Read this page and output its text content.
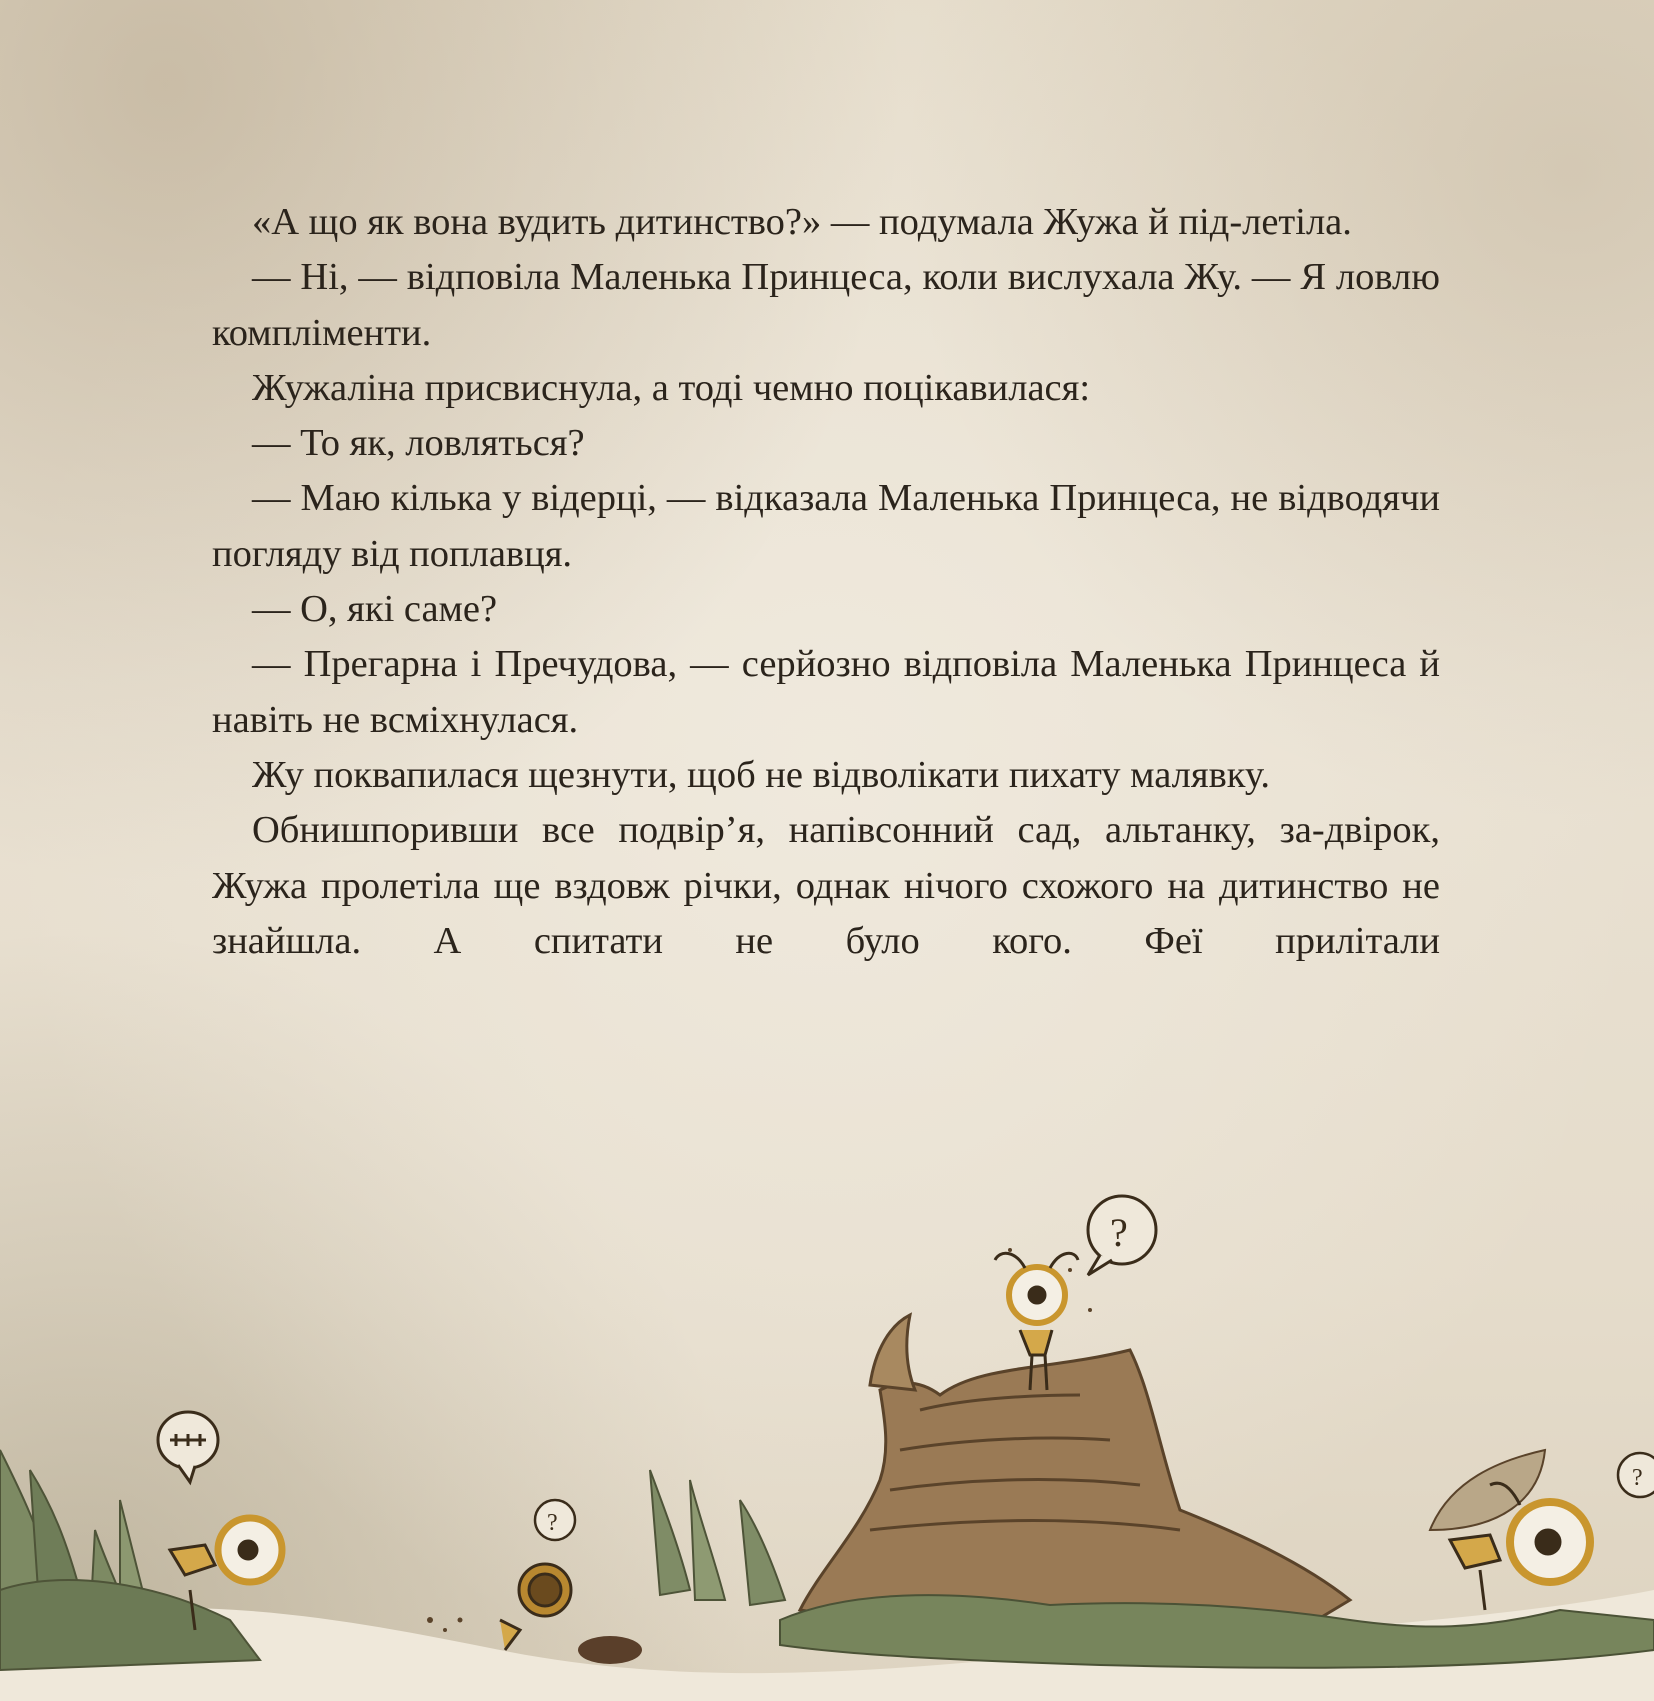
«А що як вона вудить дитинство?» — подумала Жужа й під-летіла.

— Ні, — відповіла Маленька Принцеса, коли вислухала Жу. — Я ловлю компліменти.

Жужаліна присвиснула, а тоді чемно поцікавилася:

— То як, ловляться?

— Маю кілька у відерці, — відказала Маленька Принцеса, не відводячи погляду від поплавця.

— О, які саме?

— Прегарна і Пречудова, — серйозно відповіла Маленька Принцеса й навіть не всміхнулася.

Жу поквапилася щезнути, щоб не відволікати пихату малявку.

Обнишпоривши все подвір’я, напівсонний сад, альтанку, за-двірок, Жужа пролетіла ще вздовж річки, однак нічого схожого на дитинство не знайшла. А спитати не було кого. Феї прилітали

?
?
?
